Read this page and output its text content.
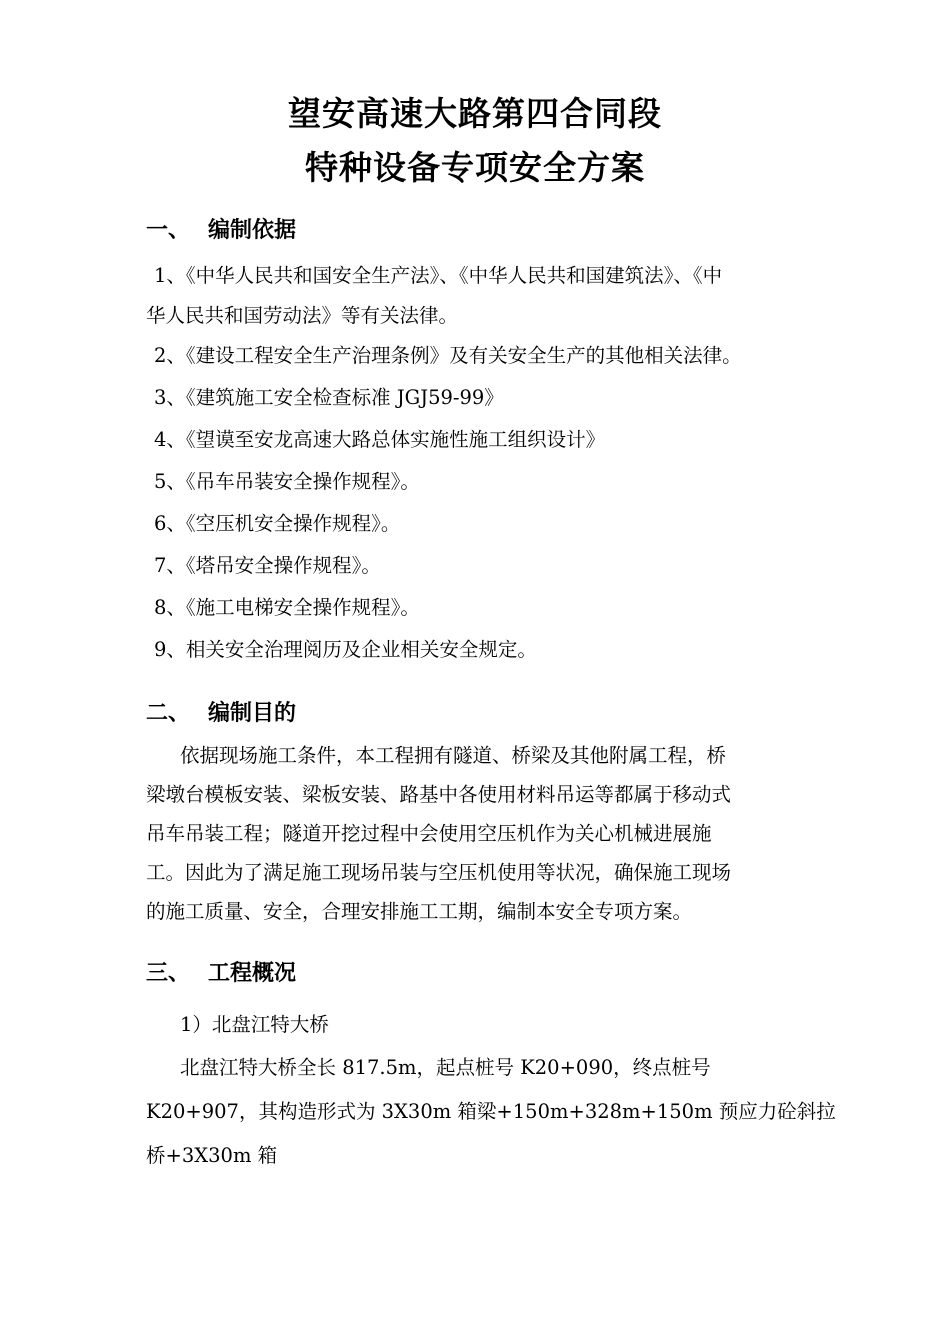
望安高速大路第四合同段
特种设备专项安全方案
一、 编制依据
1、《中华人民共和国安全生产法》、《中华人民共和国建筑法》、《中
华人民共和国劳动法》等有关法律。
2、《建设工程安全生产治理条例》及有关安全生产的其他相关法律。
3、《建筑施工安全检查标准 JGJ59-99》
4、《望谟至安龙高速大路总体实施性施工组织设计》
5、《吊车吊装安全操作规程》。
6、《空压机安全操作规程》。
7、《塔吊安全操作规程》。
8、《施工电梯安全操作规程》。
9、相关安全治理阅历及企业相关安全规定。
二、 编制目的
依据现场施工条件，本工程拥有隧道、桥梁及其他附属工程，桥
梁墩台模板安装、梁板安装、路基中各使用材料吊运等都属于移动式
吊车吊装工程；隧道开挖过程中会使用空压机作为关心机械进展施
工。因此为了满足施工现场吊装与空压机使用等状况，确保施工现场
的施工质量、安全，合理安排施工工期，编制本安全专项方案。
三、 工程概况
1）北盘江特大桥
北盘江特大桥全长 817.5m，起点桩号 K20+090，终点桩号
K20+907，其构造形式为 3X30m 箱梁+150m+328m+150m 预应力砼斜拉
桥+3X30m 箱
